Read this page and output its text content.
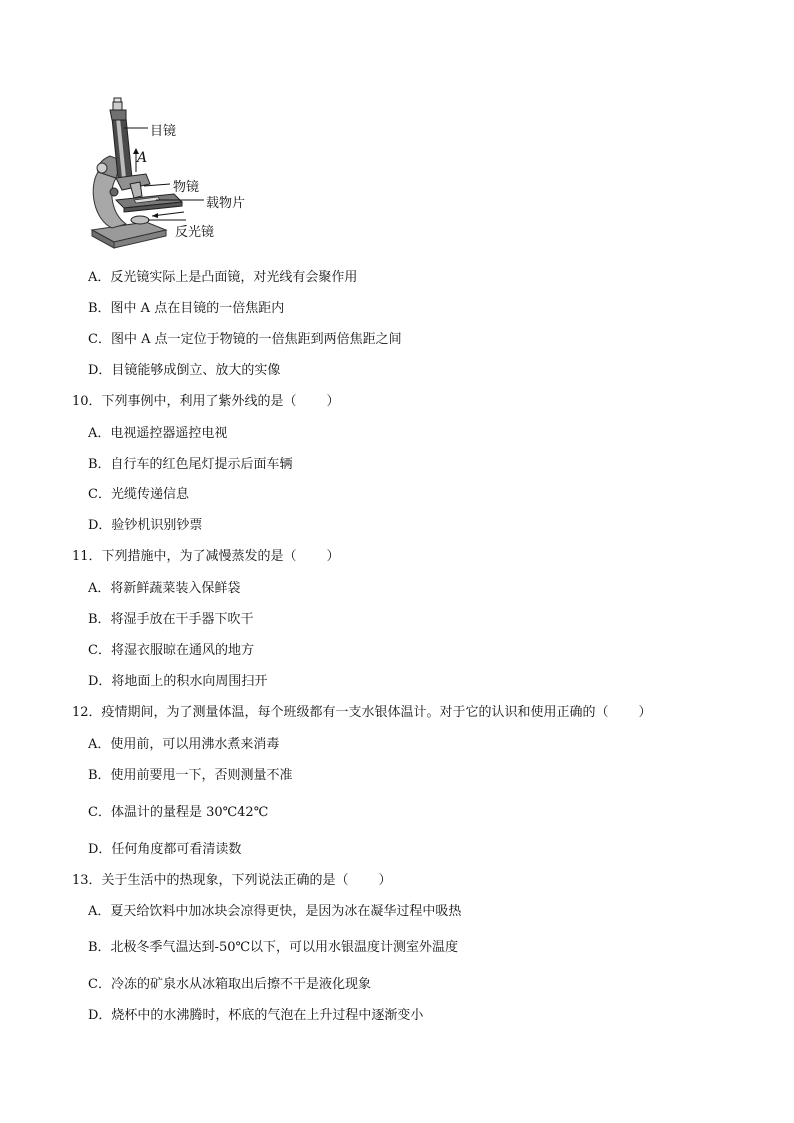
目镜
A
物镜
载物片
反光镜
A．反光镜实际上是凸面镜，对光线有会聚作用
B．图中 A 点在目镜的一倍焦距内
C．图中 A 点一定位于物镜的一倍焦距到两倍焦距之间
D．目镜能够成倒立、放大的实像
10．下列事例中，利用了紫外线的是（ ）
A．电视遥控器遥控电视
B．自行车的红色尾灯提示后面车辆
C．光缆传递信息
D．验钞机识别钞票
11．下列措施中，为了减慢蒸发的是（ ）
A．将新鲜蔬菜装入保鲜袋
B．将湿手放在干手器下吹干
C．将湿衣服晾在通风的地方
D．将地面上的积水向周围扫开
12．疫情期间，为了测量体温，每个班级都有一支水银体温计。对于它的认识和使用正确的（ ）
A．使用前，可以用沸水煮来消毒
B．使用前要甩一下，否则测量不准
C．体温计的量程是 30℃42℃
D．任何角度都可看清读数
13．关于生活中的热现象，下列说法正确的是（ ）
A．夏天给饮料中加冰块会凉得更快，是因为冰在凝华过程中吸热
B．北极冬季气温达到-50℃以下，可以用水银温度计测室外温度
C．冷冻的矿泉水从冰箱取出后擦不干是液化现象
D．烧杯中的水沸腾时，杯底的气泡在上升过程中逐渐变小
